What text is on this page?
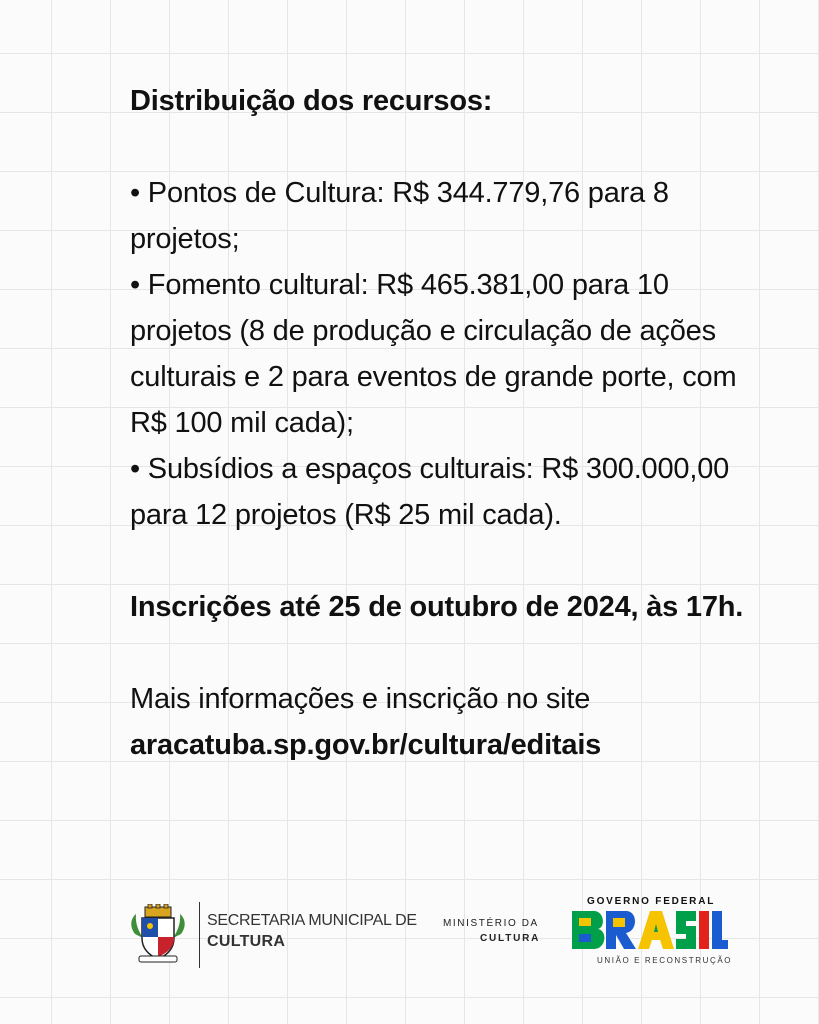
Distribuição dos recursos:

• Pontos de Cultura: R$ 344.779,76 para 8 projetos;

• Fomento cultural: R$ 465.381,00 para 10 projetos (8 de produção e circulação de ações culturais e 2 para eventos de grande porte, com R$ 100 mil cada);

• Subsídios a espaços culturais: R$ 300.000,00 para 12 projetos (R$ 25 mil cada).

Inscrições até 25 de outubro de 2024, às 17h.

Mais informações e inscrição no site

aracatuba.sp.gov.br/cultura/editais

SECRETARIA MUNICIPAL DE
CULTURA
MINISTÉRIO DA
CULTURA
GOVERNO FEDERAL
UNIÃO E RECONSTRUÇÃO
